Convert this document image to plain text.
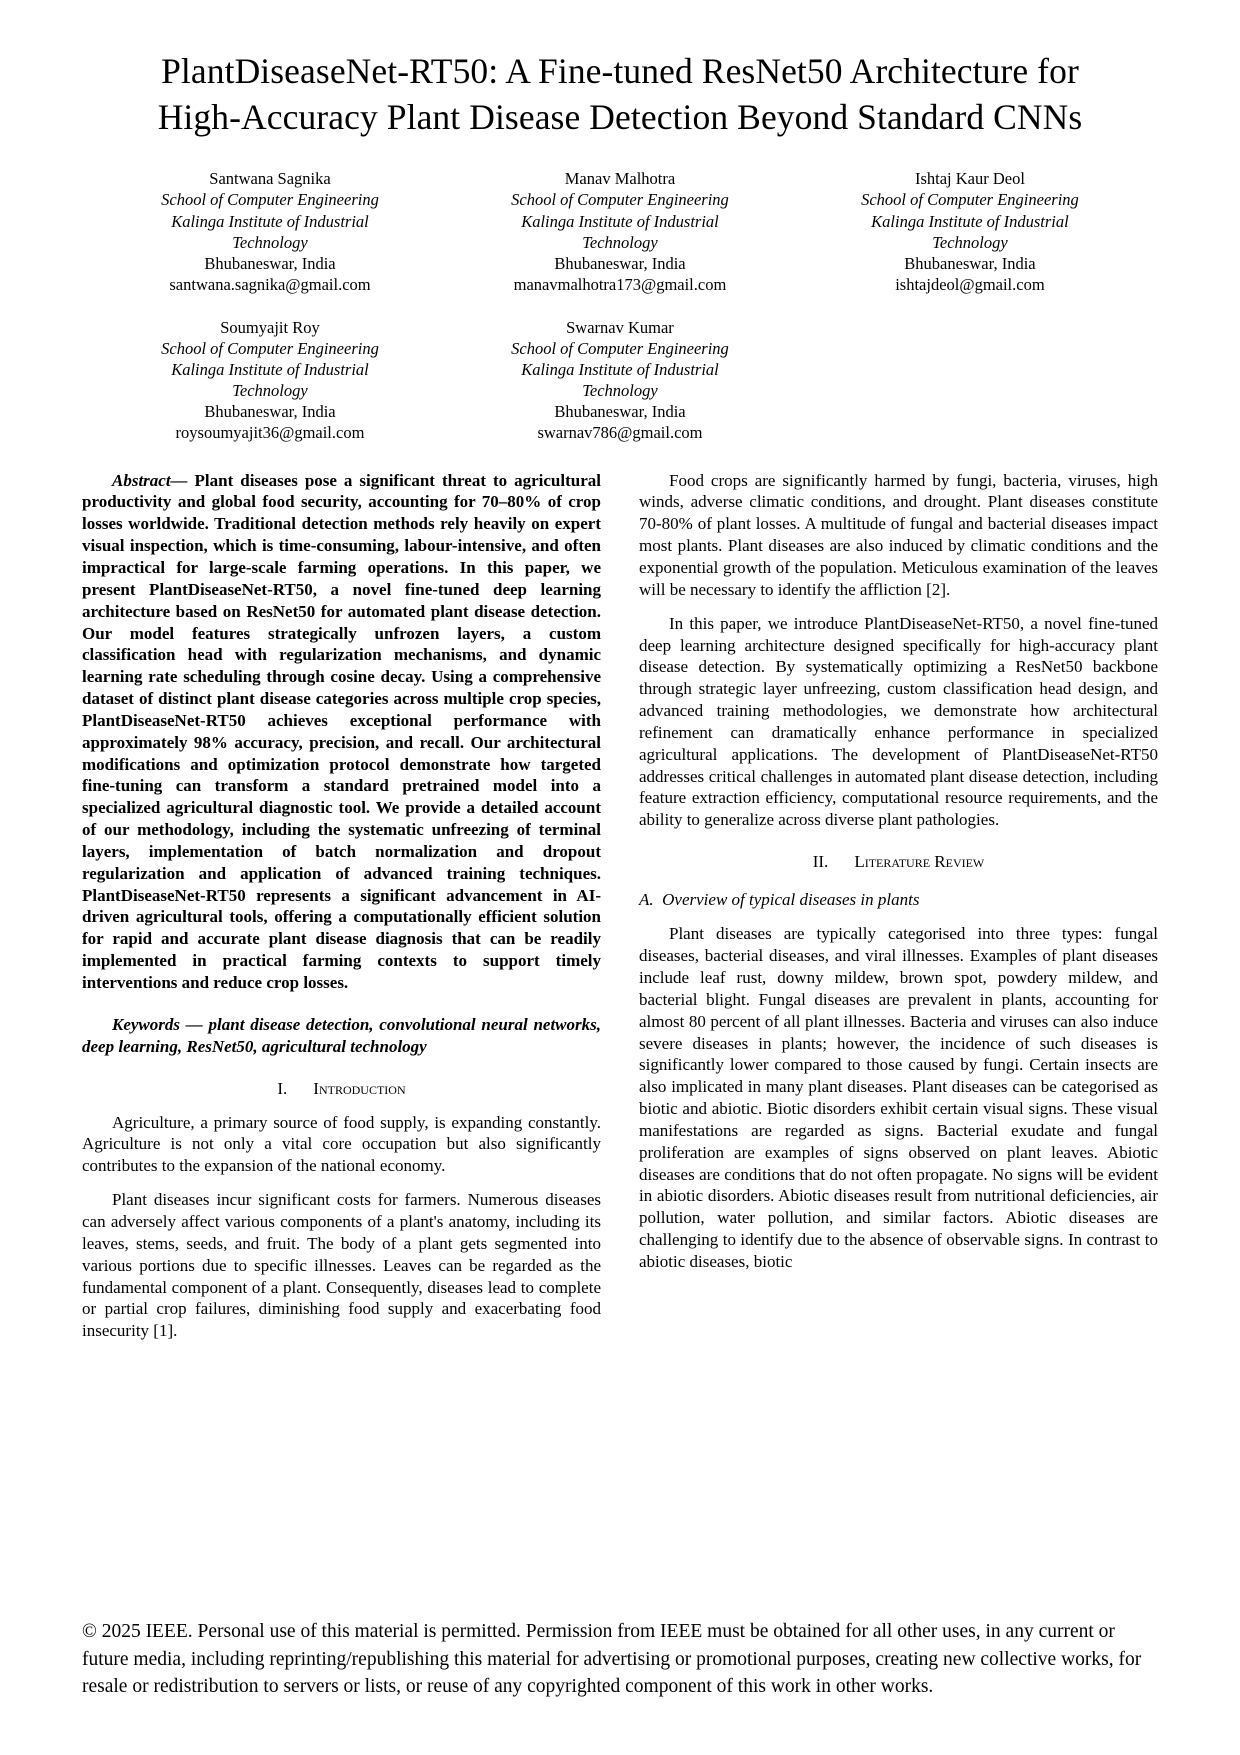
PlantDiseaseNet-RT50: A Fine-tuned ResNet50 Architecture for High-Accuracy Plant Disease Detection Beyond Standard CNNs
Santwana Sagnika
School of Computer Engineering
Kalinga Institute of Industrial
Technology
Bhubaneswar, India
santwana.sagnika@gmail.com
Manav Malhotra
School of Computer Engineering
Kalinga Institute of Industrial
Technology
Bhubaneswar, India
manavmalhotra173@gmail.com
Ishtaj Kaur Deol
School of Computer Engineering
Kalinga Institute of Industrial
Technology
Bhubaneswar, India
ishtajdeol@gmail.com
Soumyajit Roy
School of Computer Engineering
Kalinga Institute of Industrial
Technology
Bhubaneswar, India
roysoumyajit36@gmail.com
Swarnav Kumar
School of Computer Engineering
Kalinga Institute of Industrial
Technology
Bhubaneswar, India
swarnav786@gmail.com

Abstract— Plant diseases pose a significant threat to agricultural productivity and global food security, accounting for 70–80% of crop losses worldwide. Traditional detection methods rely heavily on expert visual inspection, which is time-consuming, labour-intensive, and often impractical for large-scale farming operations. In this paper, we present PlantDiseaseNet-RT50, a novel fine-tuned deep learning architecture based on ResNet50 for automated plant disease detection. Our model features strategically unfrozen layers, a custom classification head with regularization mechanisms, and dynamic learning rate scheduling through cosine decay. Using a comprehensive dataset of distinct plant disease categories across multiple crop species, PlantDiseaseNet-RT50 achieves exceptional performance with approximately 98% accuracy, precision, and recall. Our architectural modifications and optimization protocol demonstrate how targeted fine-tuning can transform a standard pretrained model into a specialized agricultural diagnostic tool. We provide a detailed account of our methodology, including the systematic unfreezing of terminal layers, implementation of batch normalization and dropout regularization and application of advanced training techniques. PlantDiseaseNet-RT50 represents a significant advancement in AI-driven agricultural tools, offering a computationally efficient solution for rapid and accurate plant disease diagnosis that can be readily implemented in practical farming contexts to support timely interventions and reduce crop losses.

Keywords — plant disease detection, convolutional neural networks, deep learning, ResNet50, agricultural technology

I. Introduction

Agriculture, a primary source of food supply, is expanding constantly. Agriculture is not only a vital core occupation but also significantly contributes to the expansion of the national economy.

Plant diseases incur significant costs for farmers. Numerous diseases can adversely affect various components of a plant's anatomy, including its leaves, stems, seeds, and fruit. The body of a plant gets segmented into various portions due to specific illnesses. Leaves can be regarded as the fundamental component of a plant. Consequently, diseases lead to complete or partial crop failures, diminishing food supply and exacerbating food insecurity [1].

Food crops are significantly harmed by fungi, bacteria, viruses, high winds, adverse climatic conditions, and drought. Plant diseases constitute 70-80% of plant losses. A multitude of fungal and bacterial diseases impact most plants. Plant diseases are also induced by climatic conditions and the exponential growth of the population. Meticulous examination of the leaves will be necessary to identify the affliction [2].

In this paper, we introduce PlantDiseaseNet-RT50, a novel fine-tuned deep learning architecture designed specifically for high-accuracy plant disease detection. By systematically optimizing a ResNet50 backbone through strategic layer unfreezing, custom classification head design, and advanced training methodologies, we demonstrate how architectural refinement can dramatically enhance performance in specialized agricultural applications. The development of PlantDiseaseNet-RT50 addresses critical challenges in automated plant disease detection, including feature extraction efficiency, computational resource requirements, and the ability to generalize across diverse plant pathologies.

II. Literature Review

A. Overview of typical diseases in plants

Plant diseases are typically categorised into three types: fungal diseases, bacterial diseases, and viral illnesses. Examples of plant diseases include leaf rust, downy mildew, brown spot, powdery mildew, and bacterial blight. Fungal diseases are prevalent in plants, accounting for almost 80 percent of all plant illnesses. Bacteria and viruses can also induce severe diseases in plants; however, the incidence of such diseases is significantly lower compared to those caused by fungi. Certain insects are also implicated in many plant diseases. Plant diseases can be categorised as biotic and abiotic. Biotic disorders exhibit certain visual signs. These visual manifestations are regarded as signs. Bacterial exudate and fungal proliferation are examples of signs observed on plant leaves. Abiotic diseases are conditions that do not often propagate. No signs will be evident in abiotic disorders. Abiotic diseases result from nutritional deficiencies, air pollution, water pollution, and similar factors. Abiotic diseases are challenging to identify due to the absence of observable signs. In contrast to abiotic diseases, biotic

© 2025 IEEE. Personal use of this material is permitted. Permission from IEEE must be obtained for all other uses, in any current or future media, including reprinting/republishing this material for advertising or promotional purposes, creating new collective works, for resale or redistribution to servers or lists, or reuse of any copyrighted component of this work in other works.
